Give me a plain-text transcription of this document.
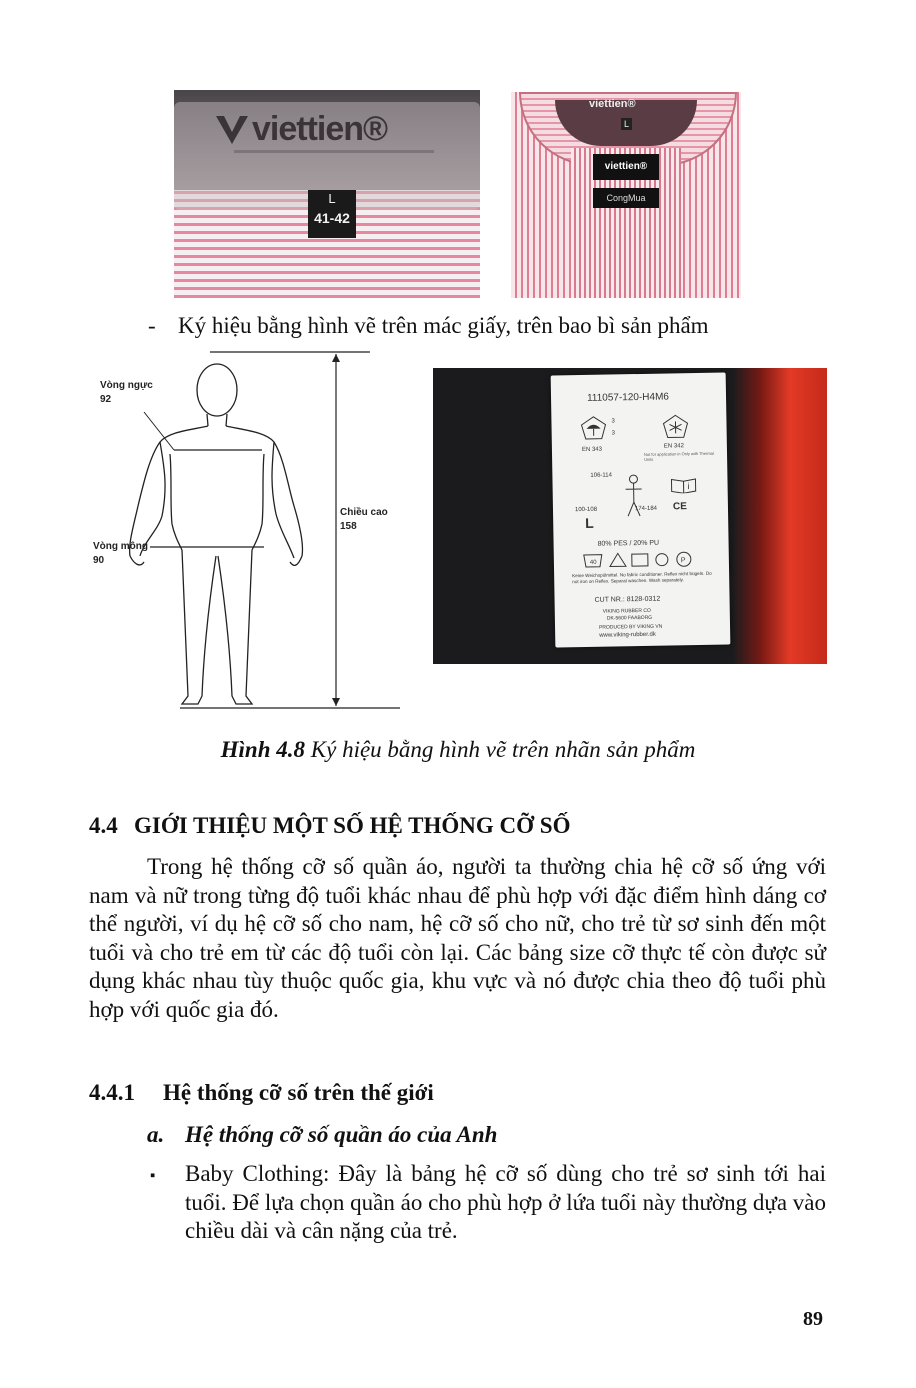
viettien®
L
41-42
viettien®
L
viettien®
CongMua
- Ký hiệu bằng hình vẽ trên mác giấy, trên bao bì sản phẩm
Vòng ngực
92
Vòng mông
90
Chiều cao
158
111057-120-H4M6
3
3
EN 343
EN 342
Not for application in Only with Thermal Units
106-114
i
CE
100-108	174-184
L
80% PES / 20% PU
40	P
Keine Weichspülmittel. No fabric conditioner. Reflex nicht bügeln. Do not iron on Reflex. Separat waschen. Wash separately.
CUT NR.: 8128-0312
VIKING RUBBER CO
DK-5600 FAABORG
PRODUCED BY VIKING VN
www.viking-rubber.dk
Hình 4.8 Ký hiệu bằng hình vẽ trên nhãn sản phẩm
4.4 GIỚI THIỆU MỘT SỐ HỆ THỐNG CỠ SỐ
Trong hệ thống cỡ số quần áo, người ta thường chia hệ cỡ số ứng với nam và nữ trong từng độ tuổi khác nhau để phù hợp với đặc điểm hình dáng cơ thể người, ví dụ hệ cỡ số cho nam, hệ cỡ số cho nữ, cho trẻ từ sơ sinh đến một tuổi và cho trẻ em từ các độ tuổi còn lại. Các bảng size cỡ thực tế còn được sử dụng khác nhau tùy thuộc quốc gia, khu vực và nó được chia theo độ tuổi phù hợp với quốc gia đó.
4.4.1 Hệ thống cỡ số trên thế giới
a. Hệ thống cỡ số quần áo của Anh
▪ Baby Clothing: Đây là bảng hệ cỡ số dùng cho trẻ sơ sinh tới hai tuổi. Để lựa chọn quần áo cho phù hợp ở lứa tuổi này thường dựa vào chiều dài và cân nặng của trẻ.
89
